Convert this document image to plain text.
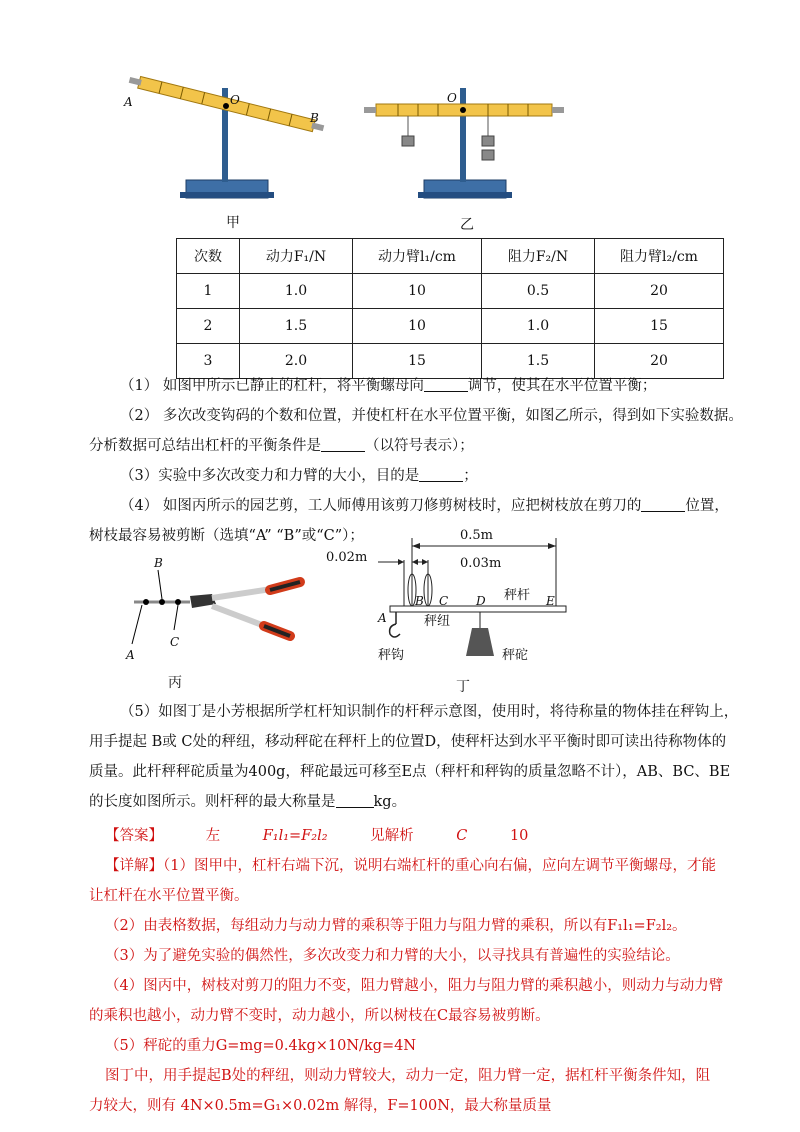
A	O
B
甲
O
乙
次数	动力F₁/N	动力臂l₁/cm	阻力F₂/N	阻力臂l₂/cm
1	1.0	10	0.5	20
2	1.5	10	1.0	15
3	2.0	15	1.5	20
（1） 如图甲所示已静止的杠杆，将平衡螺母向	调节，使其在水平位置平衡；
（2） 多次改变钩码的个数和位置，并使杠杆在水平位置平衡，如图乙所示，得到如下实验数据。
分析数据可总结出杠杆的平衡条件是	（以符号表示）；
（3）实验中多次改变力和力臂的大小，目的是	；
（4） 如图丙所示的园艺剪，工人师傅用该剪刀修剪树枝时，应把树枝放在剪刀的	位置，
树枝最容易被剪断（选填“A” “B”或“C”）；
B
C
A
丙
0.5m
0.02m	0.03m
B C D 秤杆 E
A	秤纽
秤钩	秤砣
丁
（5）如图丁是小芳根据所学杠杆知识制作的杆秤示意图，使用时，将待称量的物体挂在秤钩上，
用手提起 B或 C处的秤纽，移动秤砣在秤杆上的位置D，使秤杆达到水平平衡时即可读出待称物体的
质量。此杆秤秤砣质量为400g，秤砣最远可移至E点（秤杆和秤钩的质量忽略不计），AB、BC、BE
的长度如图所示。则杆秤的最大称量是	kg。
【答案】	左	F₁l₁=F₂l₂	见解析	C	10
【详解】（1）图甲中，杠杆右端下沉，说明右端杠杆的重心向右偏，应向左调节平衡螺母，才能
让杠杆在水平位置平衡。
（2）由表格数据，每组动力与动力臂的乘积等于阻力与阻力臂的乘积，所以有F₁l₁=F₂l₂。
（3）为了避免实验的偶然性，多次改变力和力臂的大小，以寻找具有普遍性的实验结论。
（4）图丙中，树枝对剪刀的阻力不变，阻力臂越小，阻力与阻力臂的乘积越小，则动力与动力臂
的乘积也越小，动力臂不变时，动力越小，所以树枝在C最容易被剪断。
（5）秤砣的重力G=mg=0.4kg×10N/kg=4N
图丁中，用手提起B处的秤纽，则动力臂较大，动力一定，阻力臂一定，据杠杆平衡条件知，阻
力较大，则有 4N×0.5m=G₁×0.02m 解得，F=100N，最大称量质量
